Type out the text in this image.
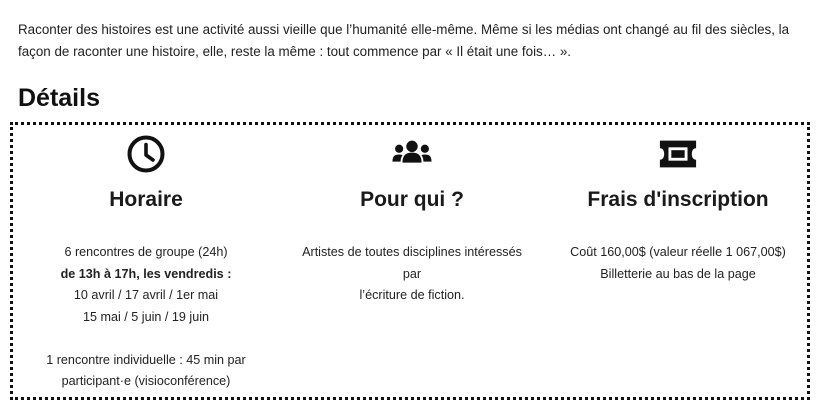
Raconter des histoires est une activité aussi vieille que l’humanité elle-même. Même si les médias ont changé au fil des siècles, la façon de raconter une histoire, elle, reste la même : tout commence par « Il était une fois… ».

Détails
Horaire
6 rencontres de groupe (24h)
de 13h à 17h, les vendredis :
10 avril / 17 avril / 1er mai
15 mai / 5 juin / 19 juin
1 rencontre individuelle : 45 min par
participant·e (visioconférence)
Pour qui ?
Artistes de toutes disciplines intéressés par
l’écriture de fiction.
Frais d'inscription
Coût 160,00$ (valeur réelle 1 067,00$)
Billetterie au bas de la page
